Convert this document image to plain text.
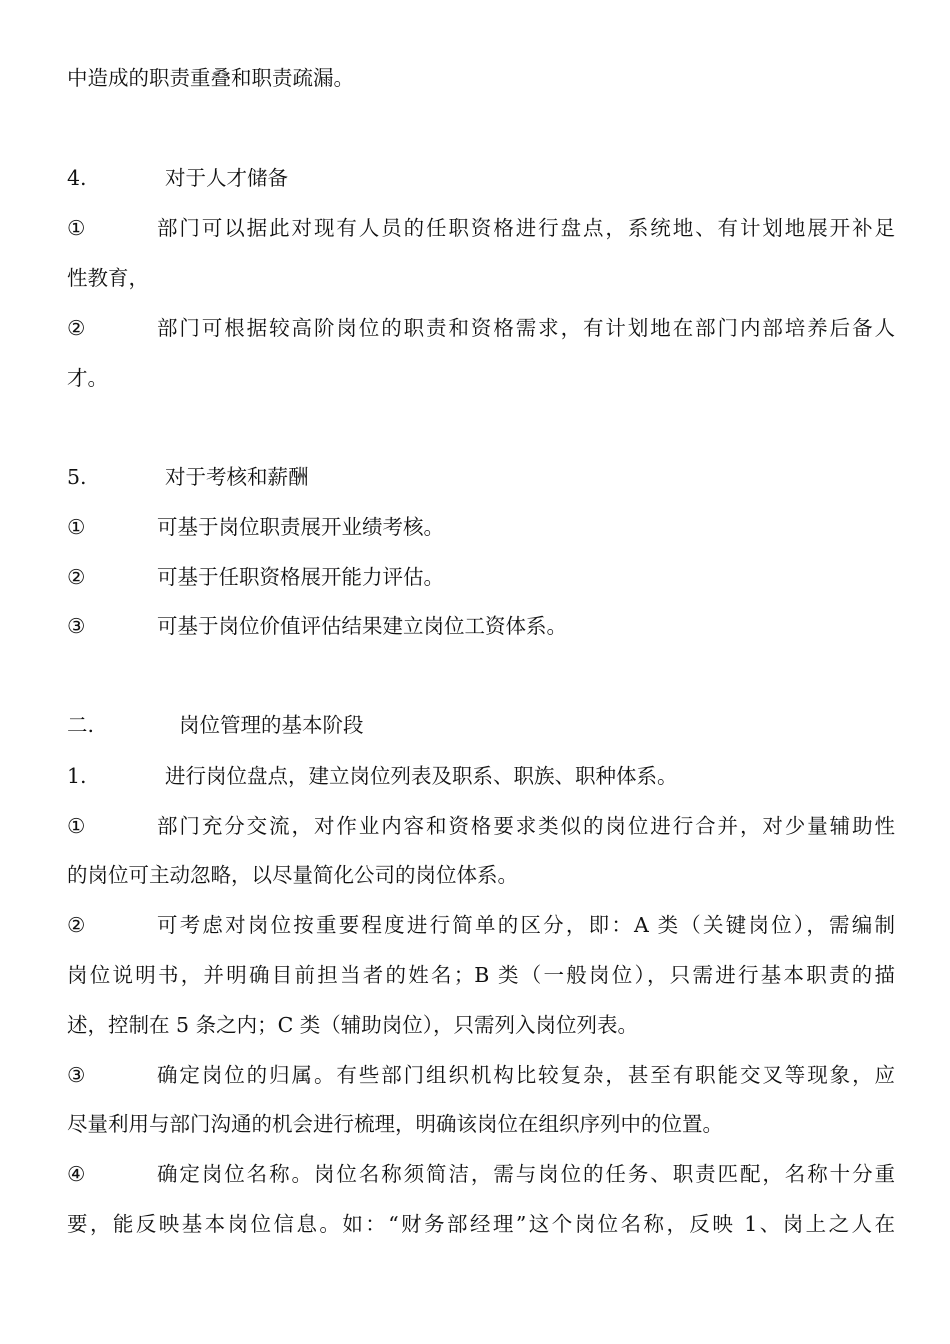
中造成的职责重叠和职责疏漏。
4.	对于人才储备
①	部门可以据此对现有人员的任职资格进行盘点，系统地、有计划地展开补足
性教育，
②	部门可根据较高阶岗位的职责和资格需求，有计划地在部门内部培养后备人
才。
5.	对于考核和薪酬
①	可基于岗位职责展开业绩考核。
②	可基于任职资格展开能力评估。
③	可基于岗位价值评估结果建立岗位工资体系。
二.	岗位管理的基本阶段
1.	进行岗位盘点，建立岗位列表及职系、职族、职种体系。
①	部门充分交流，对作业内容和资格要求类似的岗位进行合并，对少量辅助性
的岗位可主动忽略，以尽量简化公司的岗位体系。
②	可考虑对岗位按重要程度进行简单的区分，即：A 类（关键岗位），需编制
岗位说明书，并明确目前担当者的姓名；B 类（一般岗位），只需进行基本职责的描
述，控制在 5 条之内；C 类（辅助岗位），只需列入岗位列表。
③	确定岗位的归属。有些部门组织机构比较复杂，甚至有职能交叉等现象，应
尽量利用与部门沟通的机会进行梳理，明确该岗位在组织序列中的位置。
④	确定岗位名称。岗位名称须简洁，需与岗位的任务、职责匹配，名称十分重
要，能反映基本岗位信息。如：“财务部经理”这个岗位名称，反映 1、岗上之人在
